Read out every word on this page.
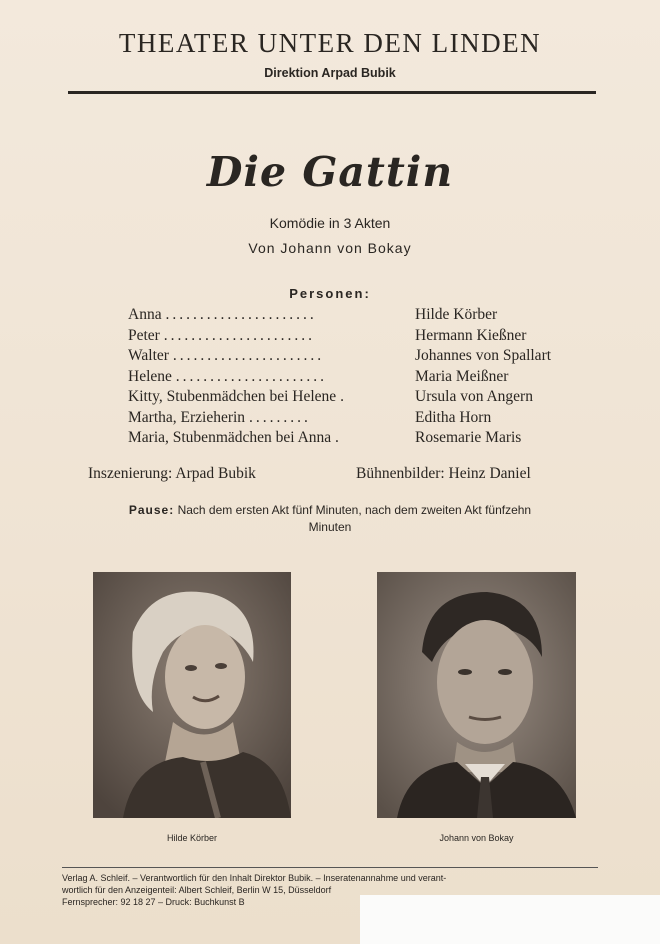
THEATER UNTER DEN LINDEN
Direktion Arpad Bubik
Die Gattin
Komödie in 3 Akten
Von Johann von Bokay
Personen:
Anna ......................	Hilde Körber
Peter ......................	Hermann Kießner
Walter ......................	Johannes von Spallart
Helene ......................	Maria Meißner
Kitty, Stubenmädchen bei Helene .	Ursula von Angern
Martha, Erzieherin .........	Editha Horn
Maria, Stubenmädchen bei Anna .	Rosemarie Maris
Inszenierung: Arpad Bubik	Bühnenbilder: Heinz Daniel
Pause: Nach dem ersten Akt fünf Minuten, nach dem zweiten Akt fünfzehn Minuten
Hilde Körber	Johann von Bokay
Verlag A. Schleif. – Verantwortlich für den Inhalt Direktor Bubik. – Inseratenannahme und verant-
wortlich für den Anzeigenteil: Albert Schleif, Berlin W 15, Düsseldorf
Fernsprecher: 92 18 27 – Druck: Buchkunst B
